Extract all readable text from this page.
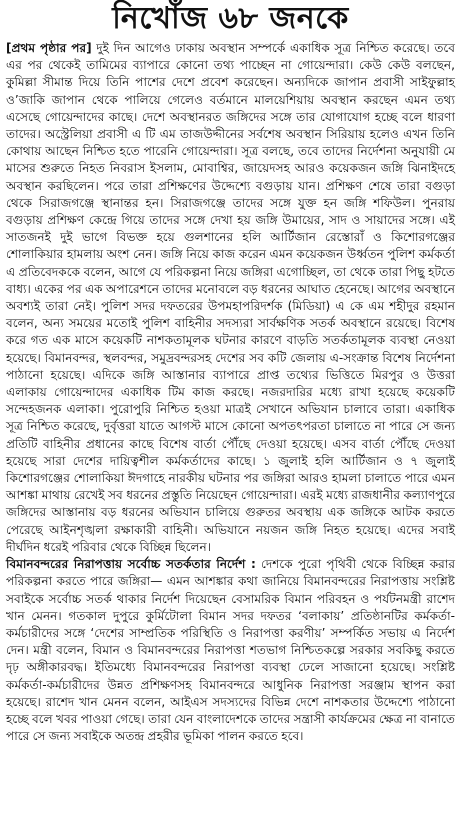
নিখোঁজ ৬৮ জনকে

[প্রথম পৃষ্ঠার পর] দুই দিন আগেও ঢাকায় অবস্থান সম্পর্কে একাধিক সূত্র নিশ্চিত করেছে। তবে এর পর থেকেই তামিমের ব্যাপারে কোনো তথ্য পাচ্ছেন না গোয়েন্দারা। কেউ কেউ বলছেন, কুমিল্লা সীমান্ত দিয়ে তিনি পাশের দেশে প্রবেশ করেছেন। অন্যদিকে জাপান প্রবাসী সাইফুল্লাহ ও’জাকি জাপান থেকে পালিয়ে গেলেও বর্তমানে মালয়েশিয়ায় অবস্থান করছেন এমন তথ্য এসেছে গোয়েন্দাদের কাছে। দেশে অবস্থানরত জঙ্গিদের সঙ্গে তার যোগাযোগ হচ্ছে বলে ধারণা তাদের। অস্ট্রেলিয়া প্রবাসী এ টি এম তাজউদ্দীনের সর্বশেষ অবস্থান সিরিয়ায় হলেও এখন তিনি কোথায় আছেন নিশ্চিত হতে পারেনি গোয়েন্দারা। সূত্র বলছে, তবে তাদের নির্দেশনা অনুযায়ী মে মাসের শুরুতে নিহত নিবরাস ইসলাম, মোবাশ্বির, জায়েদসহ আরও কয়েকজন জঙ্গি ঝিনাইদহে অবস্থান করছিলেন। পরে তারা প্রশিক্ষণের উদ্দেশ্যে বগুড়ায় যান। প্রশিক্ষণ শেষে তারা বগুড়া থেকে সিরাজগঞ্জে স্থানান্তর হন। সিরাজগঞ্জে তাদের সঙ্গে যুক্ত হন জঙ্গি শফিউল। পুনরায় বগুড়ায় প্রশিক্ষণ কেন্দ্রে গিয়ে তাদের সঙ্গে দেখা হয় জঙ্গি উমায়ের, সাদ ও সায়াদের সঙ্গে। এই সাতজনই দুই ভাগে বিভক্ত হয়ে গুলশানের হলি আর্টিজান রেস্তোরাঁ ও কিশোরগঞ্জের শোলাকিয়ার হামলায় অংশ নেন। জঙ্গি নিয়ে কাজ করেন এমন কয়েকজন উর্ধ্বতন পুলিশ কর্মকর্তা এ প্রতিবেদককে বলেন, আগে যে পরিকল্পনা নিয়ে জঙ্গিরা এগোচ্ছিল, তা থেকে তারা পিছু হটতে বাধ্য। একের পর এক অপারেশনে তাদের মনোবলে বড় ধরনের আঘাত হেনেছে। আগের অবস্থানে অবশ্যই তারা নেই। পুলিশ সদর দফতরের উপমহাপরিদর্শক (মিডিয়া) এ কে এম শহীদুর রহমান বলেন, অন্য সময়ের মতোই পুলিশ বাহিনীর সদস্যরা সার্বক্ষণিক সতর্ক অবস্থানে রয়েছে। বিশেষ করে গত এক মাসে কয়েকটি নাশকতামূলক ঘটনার কারণে বাড়তি সতর্কতামূলক ব্যবস্থা নেওয়া হয়েছে। বিমানবন্দর, স্থলবন্দর, সমুদ্রবন্দরসহ দেশের সব কটি জেলায় এ-সংক্রান্ত বিশেষ নির্দেশনা পাঠানো হয়েছে। এদিকে জঙ্গি আস্তানার ব্যাপারে প্রাপ্ত তথ্যের ভিত্তিতে মিরপুর ও উত্তরা এলাকায় গোয়েন্দাদের একাধিক টিম কাজ করছে। নজরদারির মধ্যে রাখা হয়েছে কয়েকটি সন্দেহজনক এলাকা। পুরোপুরি নিশ্চিত হওয়া মাত্রই সেখানে অভিযান চালাবে তারা। একাধিক সূত্র নিশ্চিত করেছে, দুর্বৃত্তরা যাতে আগস্ট মাসে কোনো অপতৎপরতা চালাতে না পারে সে জন্য প্রতিটি বাহিনীর প্রধানের কাছে বিশেষ বার্তা পৌঁছে দেওয়া হয়েছে। এসব বার্তা পৌঁছে দেওয়া হয়েছে সারা দেশের দায়িত্বশীল কর্মকর্তাদের কাছে। ১ জুলাই হলি আর্টিজান ও ৭ জুলাই কিশোরগঞ্জের শোলাকিয়া ঈদগাহে নারকীয় ঘটনার পর জঙ্গিরা আরও হামলা চালাতে পারে এমন আশঙ্কা মাথায় রেখেই সব ধরনের প্রস্তুতি নিয়েছেন গোয়েন্দারা। এরই মধ্যে রাজধানীর কল্যাণপুরে জঙ্গিদের আস্তানায় বড় ধরনের অভিযান চালিয়ে গুরুতর অবস্থায় এক জঙ্গিকে আটক করতে পেরেছে আইনশৃঙ্খলা রক্ষাকারী বাহিনী। অভিযানে নয়জন জঙ্গি নিহত হয়েছে। এদের সবাই দীর্ঘদিন ধরেই পরিবার থেকে বিচ্ছিন্ন ছিলেন।

বিমানবন্দরের নিরাপত্তায় সর্বোচ্চ সতর্কতার নির্দেশ : দেশকে পুরো পৃথিবী থেকে বিচ্ছিন্ন করার পরিকল্পনা করতে পারে জঙ্গিরা— এমন আশঙ্কার কথা জানিয়ে বিমানবন্দরের নিরাপত্তায় সংশ্লিষ্ট সবাইকে সর্বোচ্চ সতর্ক থাকার নির্দেশ দিয়েছেন বেসামরিক বিমান পরিবহন ও পর্যটনমন্ত্রী রাশেদ খান মেনন। গতকাল দুপুরে কুর্মিটোলা বিমান সদর দফতর ‘বলাকায়’ প্রতিষ্ঠানটির কর্মকর্তা-কর্মচারীদের সঙ্গে ‘দেশের সাম্প্রতিক পরিস্থিতি ও নিরাপত্তা করণীয়’ সম্পর্কিত সভায় এ নির্দেশ দেন। মন্ত্রী বলেন, বিমান ও বিমানবন্দরের নিরাপত্তা শতভাগ নিশ্চিতকল্পে সরকার সবকিছু করতে দৃঢ় অঙ্গীকারবদ্ধ। ইতিমধ্যে বিমানবন্দরের নিরাপত্তা ব্যবস্থা ঢেলে সাজানো হয়েছে। সংশ্লিষ্ট কর্মকর্তা-কর্মচারীদের উন্নত প্রশিক্ষণসহ বিমানবন্দরে আধুনিক নিরাপত্তা সরঞ্জাম স্থাপন করা হয়েছে। রাশেদ খান মেনন বলেন, আইএস সদস্যদের বিভিন্ন দেশে নাশকতার উদ্দেশ্যে পাঠানো হচ্ছে বলে খবর পাওয়া গেছে। তারা যেন বাংলাদেশকে তাদের সন্ত্রাসী কার্যক্রমের ক্ষেত্র না বানাতে পারে সে জন্য সবাইকে অতন্দ্র প্রহরীর ভূমিকা পালন করতে হবে।
